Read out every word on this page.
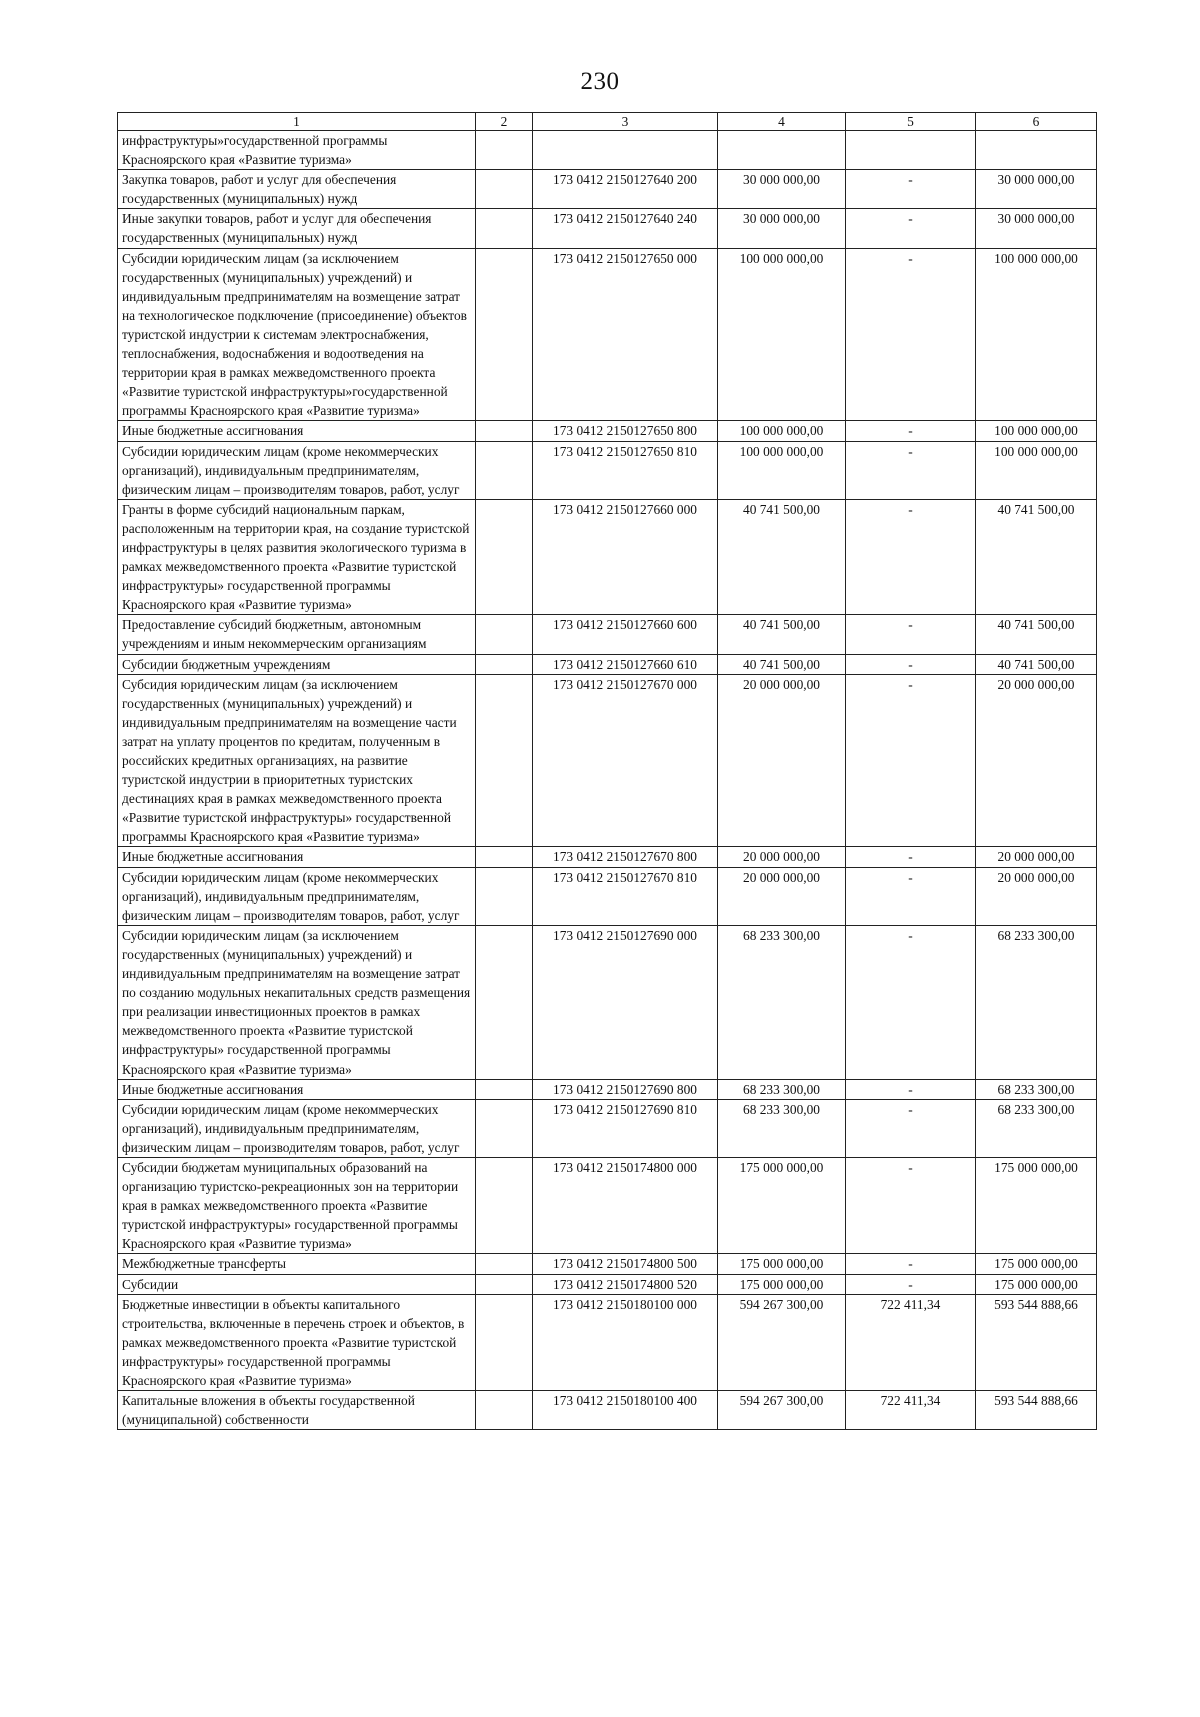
230
1	2	3	4	5	6
инфраструктуры»государственной программы Красноярского края «Развитие туризма»					
Закупка товаров, работ и услуг для обеспечения государственных (муниципальных) нужд		173 0412 2150127640 200	30 000 000,00	-	30 000 000,00
Иные закупки товаров, работ и услуг для обеспечения государственных (муниципальных) нужд		173 0412 2150127640 240	30 000 000,00	-	30 000 000,00
Субсидии юридическим лицам (за исключением государственных (муниципальных) учреждений) и индивидуальным предпринимателям на возмещение затрат на технологическое подключение (присоединение) объектов туристской индустрии к системам электроснабжения, теплоснабжения, водоснабжения и водоотведения на территории края в рамках межведомственного проекта «Развитие туристской инфраструктуры»государственной программы Красноярского края «Развитие туризма»		173 0412 2150127650 000	100 000 000,00	-	100 000 000,00
Иные бюджетные ассигнования		173 0412 2150127650 800	100 000 000,00	-	100 000 000,00
Субсидии юридическим лицам (кроме некоммерческих организаций), индивидуальным предпринимателям, физическим лицам – производителям товаров, работ, услуг		173 0412 2150127650 810	100 000 000,00	-	100 000 000,00
Гранты в форме субсидий национальным паркам, расположенным на территории края, на создание туристской инфраструктуры в целях развития экологического туризма в рамках межведомственного проекта «Развитие туристской инфраструктуры» государственной программы Красноярского края «Развитие туризма»		173 0412 2150127660 000	40 741 500,00	-	40 741 500,00
Предоставление субсидий бюджетным, автономным учреждениям и иным некоммерческим организациям		173 0412 2150127660 600	40 741 500,00	-	40 741 500,00
Субсидии бюджетным учреждениям		173 0412 2150127660 610	40 741 500,00	-	40 741 500,00
Субсидия юридическим лицам (за исключением государственных (муниципальных) учреждений) и индивидуальным предпринимателям на возмещение части затрат на уплату процентов по кредитам, полученным в российских кредитных организациях, на развитие туристской индустрии в приоритетных туристских дестинациях края в рамках межведомственного проекта «Развитие туристской инфраструктуры» государственной программы Красноярского края «Развитие туризма»		173 0412 2150127670 000	20 000 000,00	-	20 000 000,00
Иные бюджетные ассигнования		173 0412 2150127670 800	20 000 000,00	-	20 000 000,00
Субсидии юридическим лицам (кроме некоммерческих организаций), индивидуальным предпринимателям, физическим лицам – производителям товаров, работ, услуг		173 0412 2150127670 810	20 000 000,00	-	20 000 000,00
Субсидии юридическим лицам (за исключением государственных (муниципальных) учреждений) и индивидуальным предпринимателям на возмещение затрат по созданию модульных некапитальных средств размещения при реализации инвестиционных проектов в рамках межведомственного проекта «Развитие туристской инфраструктуры» государственной программы Красноярского края «Развитие туризма»		173 0412 2150127690 000	68 233 300,00	-	68 233 300,00
Иные бюджетные ассигнования		173 0412 2150127690 800	68 233 300,00	-	68 233 300,00
Субсидии юридическим лицам (кроме некоммерческих организаций), индивидуальным предпринимателям, физическим лицам – производителям товаров, работ, услуг		173 0412 2150127690 810	68 233 300,00	-	68 233 300,00
Субсидии бюджетам муниципальных образований на организацию туристско-рекреационных зон на территории края в рамках межведомственного проекта «Развитие туристской инфраструктуры» государственной программы Красноярского края «Развитие туризма»		173 0412 2150174800 000	175 000 000,00	-	175 000 000,00
Межбюджетные трансферты		173 0412 2150174800 500	175 000 000,00	-	175 000 000,00
Субсидии		173 0412 2150174800 520	175 000 000,00	-	175 000 000,00
Бюджетные инвестиции в объекты капитального строительства, включенные в перечень строек и объектов, в рамках межведомственного проекта «Развитие туристской инфраструктуры» государственной программы Красноярского края «Развитие туризма»		173 0412 2150180100 000	594 267 300,00	722 411,34	593 544 888,66
Капитальные вложения в объекты государственной (муниципальной) собственности		173 0412 2150180100 400	594 267 300,00	722 411,34	593 544 888,66
